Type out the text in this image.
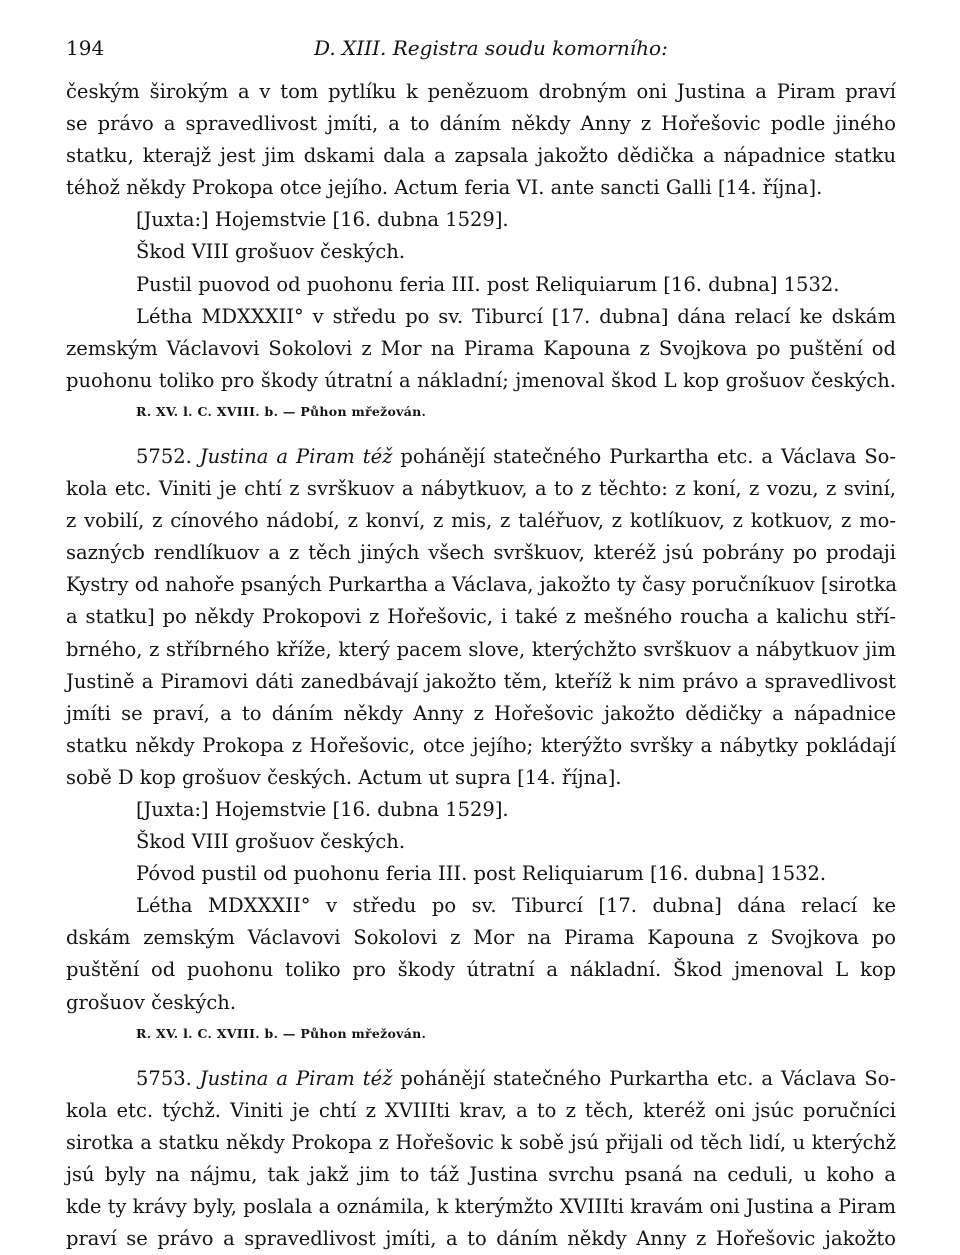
194	D. XIII. Registra soudu komorního:
českým širokým a v tom pytlíku k penězuom drobným oni Justina a Piram praví
se právo a spravedlivost jmíti, a to dáním někdy Anny z Hořešovic podle jiného
statku, kterajž jest jim dskami dala a zapsala jakožto dědička a nápadnice statku
téhož někdy Prokopa otce jejího. Actum feria VI. ante sancti Galli [14. října].
[Juxta:] Hojemstvie [16. dubna 1529].
Škod VIII grošuov českých.
Pustil puovod od puohonu feria III. post Reliquiarum [16. dubna] 1532.
Létha MDXXXII° v středu po sv. Tiburcí [17. dubna] dána relací ke dskám
zemským Václavovi Sokolovi z Mor na Pirama Kapouna z Svojkova po puštění od
puohonu toliko pro škody útratní a nákladní; jmenoval škod L kop grošuov českých.
R. XV. l. C. XVIII. b. — Půhon mřežován.
5752. Justina a Piram též pohánějí statečného Purkartha etc. a Václava So-
kola etc. Viniti je chtí z svrškuov a nábytkuov, a to z těchto: z koní, z vozu, z sviní,
z vobilí, z cínového nádobí, z konví, z mis, z taléřuov, z kotlíkuov, z kotkuov, z mo-
saznýcb rendlíkuov a z těch jiných všech svrškuov, kteréž jsú pobrány po prodaji
Kystry od nahoře psaných Purkartha a Václava, jakožto ty časy poručníkuov [sirotka
a statku] po někdy Prokopovi z Hořešovic, i také z mešného roucha a kalichu stří-
brného, z stříbrného kříže, který pacem slove, kterýchžto svrškuov a nábytkuov jim
Justině a Piramovi dáti zanedbávají jakožto těm, kteříž k nim právo a spravedlivost
jmíti se praví, a to dáním někdy Anny z Hořešovic jakožto dědičky a nápadnice
statku někdy Prokopa z Hořešovic, otce jejího; kterýžto svršky a nábytky pokládají
sobě D kop grošuov českých. Actum ut supra [14. října].
[Juxta:] Hojemstvie [16. dubna 1529].
Škod VIII grošuov českých.
Póvod pustil od puohonu feria III. post Reliquiarum [16. dubna] 1532.
Létha MDXXXII° v středu po sv. Tiburcí [17. dubna] dána relací ke
dskám zemským Václavovi Sokolovi z Mor na Pirama Kapouna z Svojkova po
puštění od puohonu toliko pro škody útratní a nákladní. Škod jmenoval L kop
grošuov českých.
R. XV. l. C. XVIII. b. — Půhon mřežován.
5753. Justina a Piram též pohánějí statečného Purkartha etc. a Václava So-
kola etc. týchž. Viniti je chtí z XVIIIti krav, a to z těch, kteréž oni jsúc poručníci
sirotka a statku někdy Prokopa z Hořešovic k sobě jsú přijali od těch lidí, u kterýchž
jsú byly na nájmu, tak jakž jim to táž Justina svrchu psaná na ceduli, u koho a
kde ty krávy byly, poslala a oznámila, k kterýmžto XVIIIti kravám oni Justina a Piram
praví se právo a spravedlivost jmíti, a to dáním někdy Anny z Hořešovic jakožto
